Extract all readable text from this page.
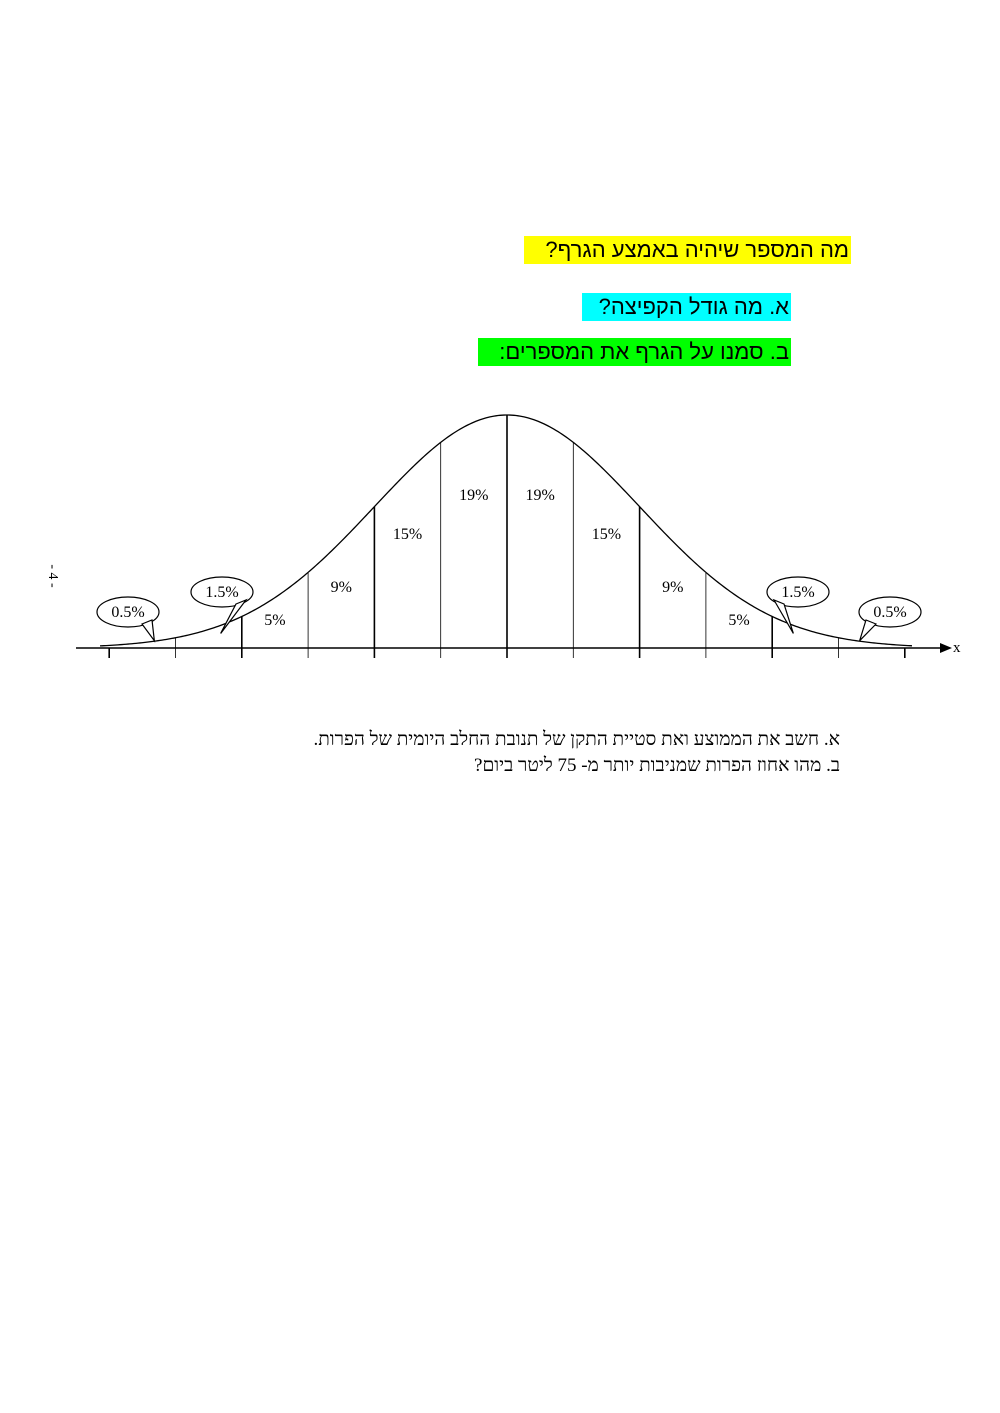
מה המספר שיהיה באמצע הגרף?
א. מה גודל הקפיצה?
ב. סמנו על הגרף את המספרים:
- 4 -
x
0.5%
1.5%
5%
9%
15%
19% 19%
15%
9%
5%
1.5%
0.5%
א. חשב את הממוצע ואת סטיית התקן של תנובת החלב היומית של הפרות.
ב. מהו אחוז הפרות שמניבות יותר מ- 75 ליטר ביום?
